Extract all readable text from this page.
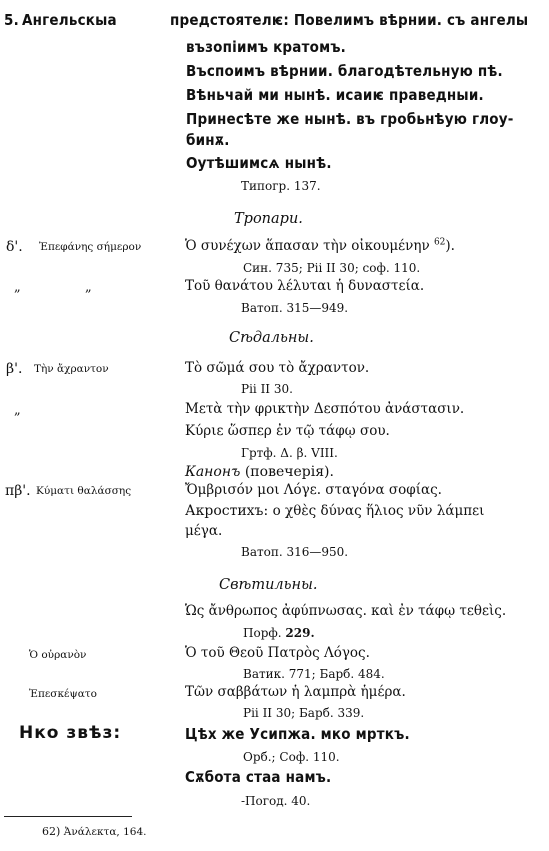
5. Ангельскыа	предстоятелѥ: Повелимъ вѣрнии. съ ангелы
възопіимъ кратомъ.
Въспоимъ вѣрнии. благодѣтельную пѣ.
Вѣньчай ми нынѣ. исаиѥ праведныи.
Принесѣте же нынѣ. въ гробьнѣую глоу-
бинѫ.
Оутѣшимсѧ нынѣ.
Типогр. 137.
Тропари.
δ'. Ἐπεφάνης σήμερον	Ὁ συνέχων ἅπασαν τὴν οἰκουμένην $^{62}$).
Син. 735; Pii II 30; соф. 110.
„	„	Τοῦ θανάτου λέλυται ἡ δυναστεία.
Ватоп. 315—949.
Сѣдальны.
β'. Τὴν ἄχραντον	Τὸ σῶμά σου τὸ ἄχραντον.
Pii II 30.
„	Μετὰ τὴν φρικτὴν Δεσπότου ἀνάστασιν.
Κύριε ὥσπερ ἐν τῷ τάφῳ σου.
Гртф. Δ. β. VIII.
Канонъ (повечерія).
πβ'. Κύματι θαλάσσης	Ὄμβρισόν μοι Λόγε. σταγόνα σοφίας.
Акростихъ: ο χθὲς δύνας ἥλιος νῦν λάμπει
μέγα.
Ватоп. 316—950.
Свѣтильны.
Ὡς ἄνθρωπος ἀφύπνωσας. καὶ ἐν τάφῳ τεθεὶς.
Порф. 229.
Ὁ οὐρανὸν	Ὁ τοῦ Θεοῦ Πατρὸς Λόγος.
Ватик. 771; Барб. 484.
Ἐπεσκέψατο	Τῶν σαββάτων ἡ λαμπρὰ ἡμέρα.
Pii II 30; Барб. 339.
Нко звѣз:	Цѣх же Усипжа. мко мрткъ.
Орб.; Соф. 110.
Сѫбота стаа намъ.
-Погод. 40.
62) Ἀνάλεκτα, 164.
